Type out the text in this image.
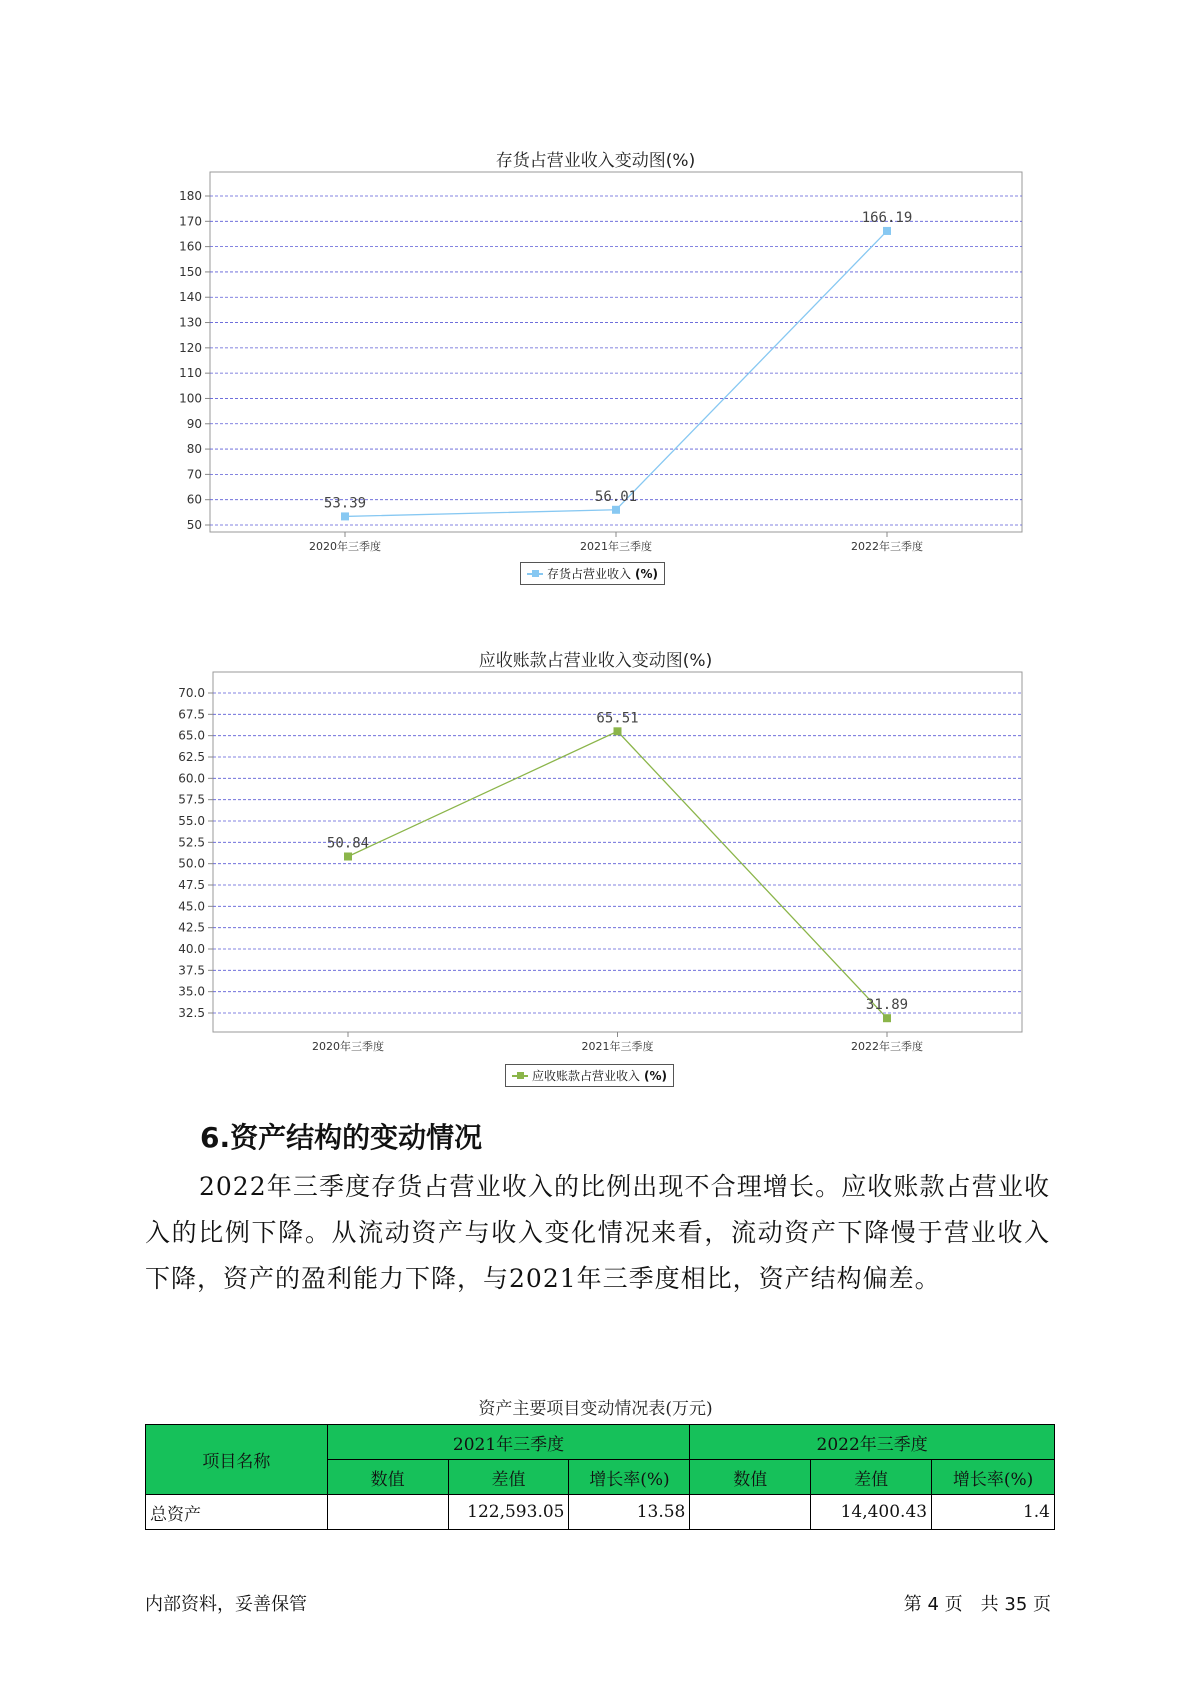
存货占营业收入变动图(%)
50
60
70
80
90
100
110
120
130
140
150
160
170
180
2020年三季度	2021年三季度	2022年三季度
53.39	56.01
166.19
存货占营业收入 (%)
应收账款占营业收入变动图(%)
32.5
35.0
37.5
40.0
42.5
45.0
47.5
50.0
52.5
55.0
57.5
60.0
62.5
65.0
67.5
70.0
2020年三季度	2021年三季度	2022年三季度
50.84
65.51
31.89
应收账款占营业收入 (%)
6.资产结构的变动情况
2022年三季度存货占营业收入的比例出现不合理增长。应收账款占营业收入的比例下降。从流动资产与收入变化情况来看，流动资产下降慢于营业收入下降，资产的盈利能力下降，与2021年三季度相比，资产结构偏差。
资产主要项目变动情况表(万元)
项目名称	2021年三季度			2022年三季度		
	数值	差值	增长率(%)	数值	差值	增长率(%)
总资产		122,593.05	13.58		14,400.43	1.4
内部资料，妥善保管	第 4 页　共 35 页
